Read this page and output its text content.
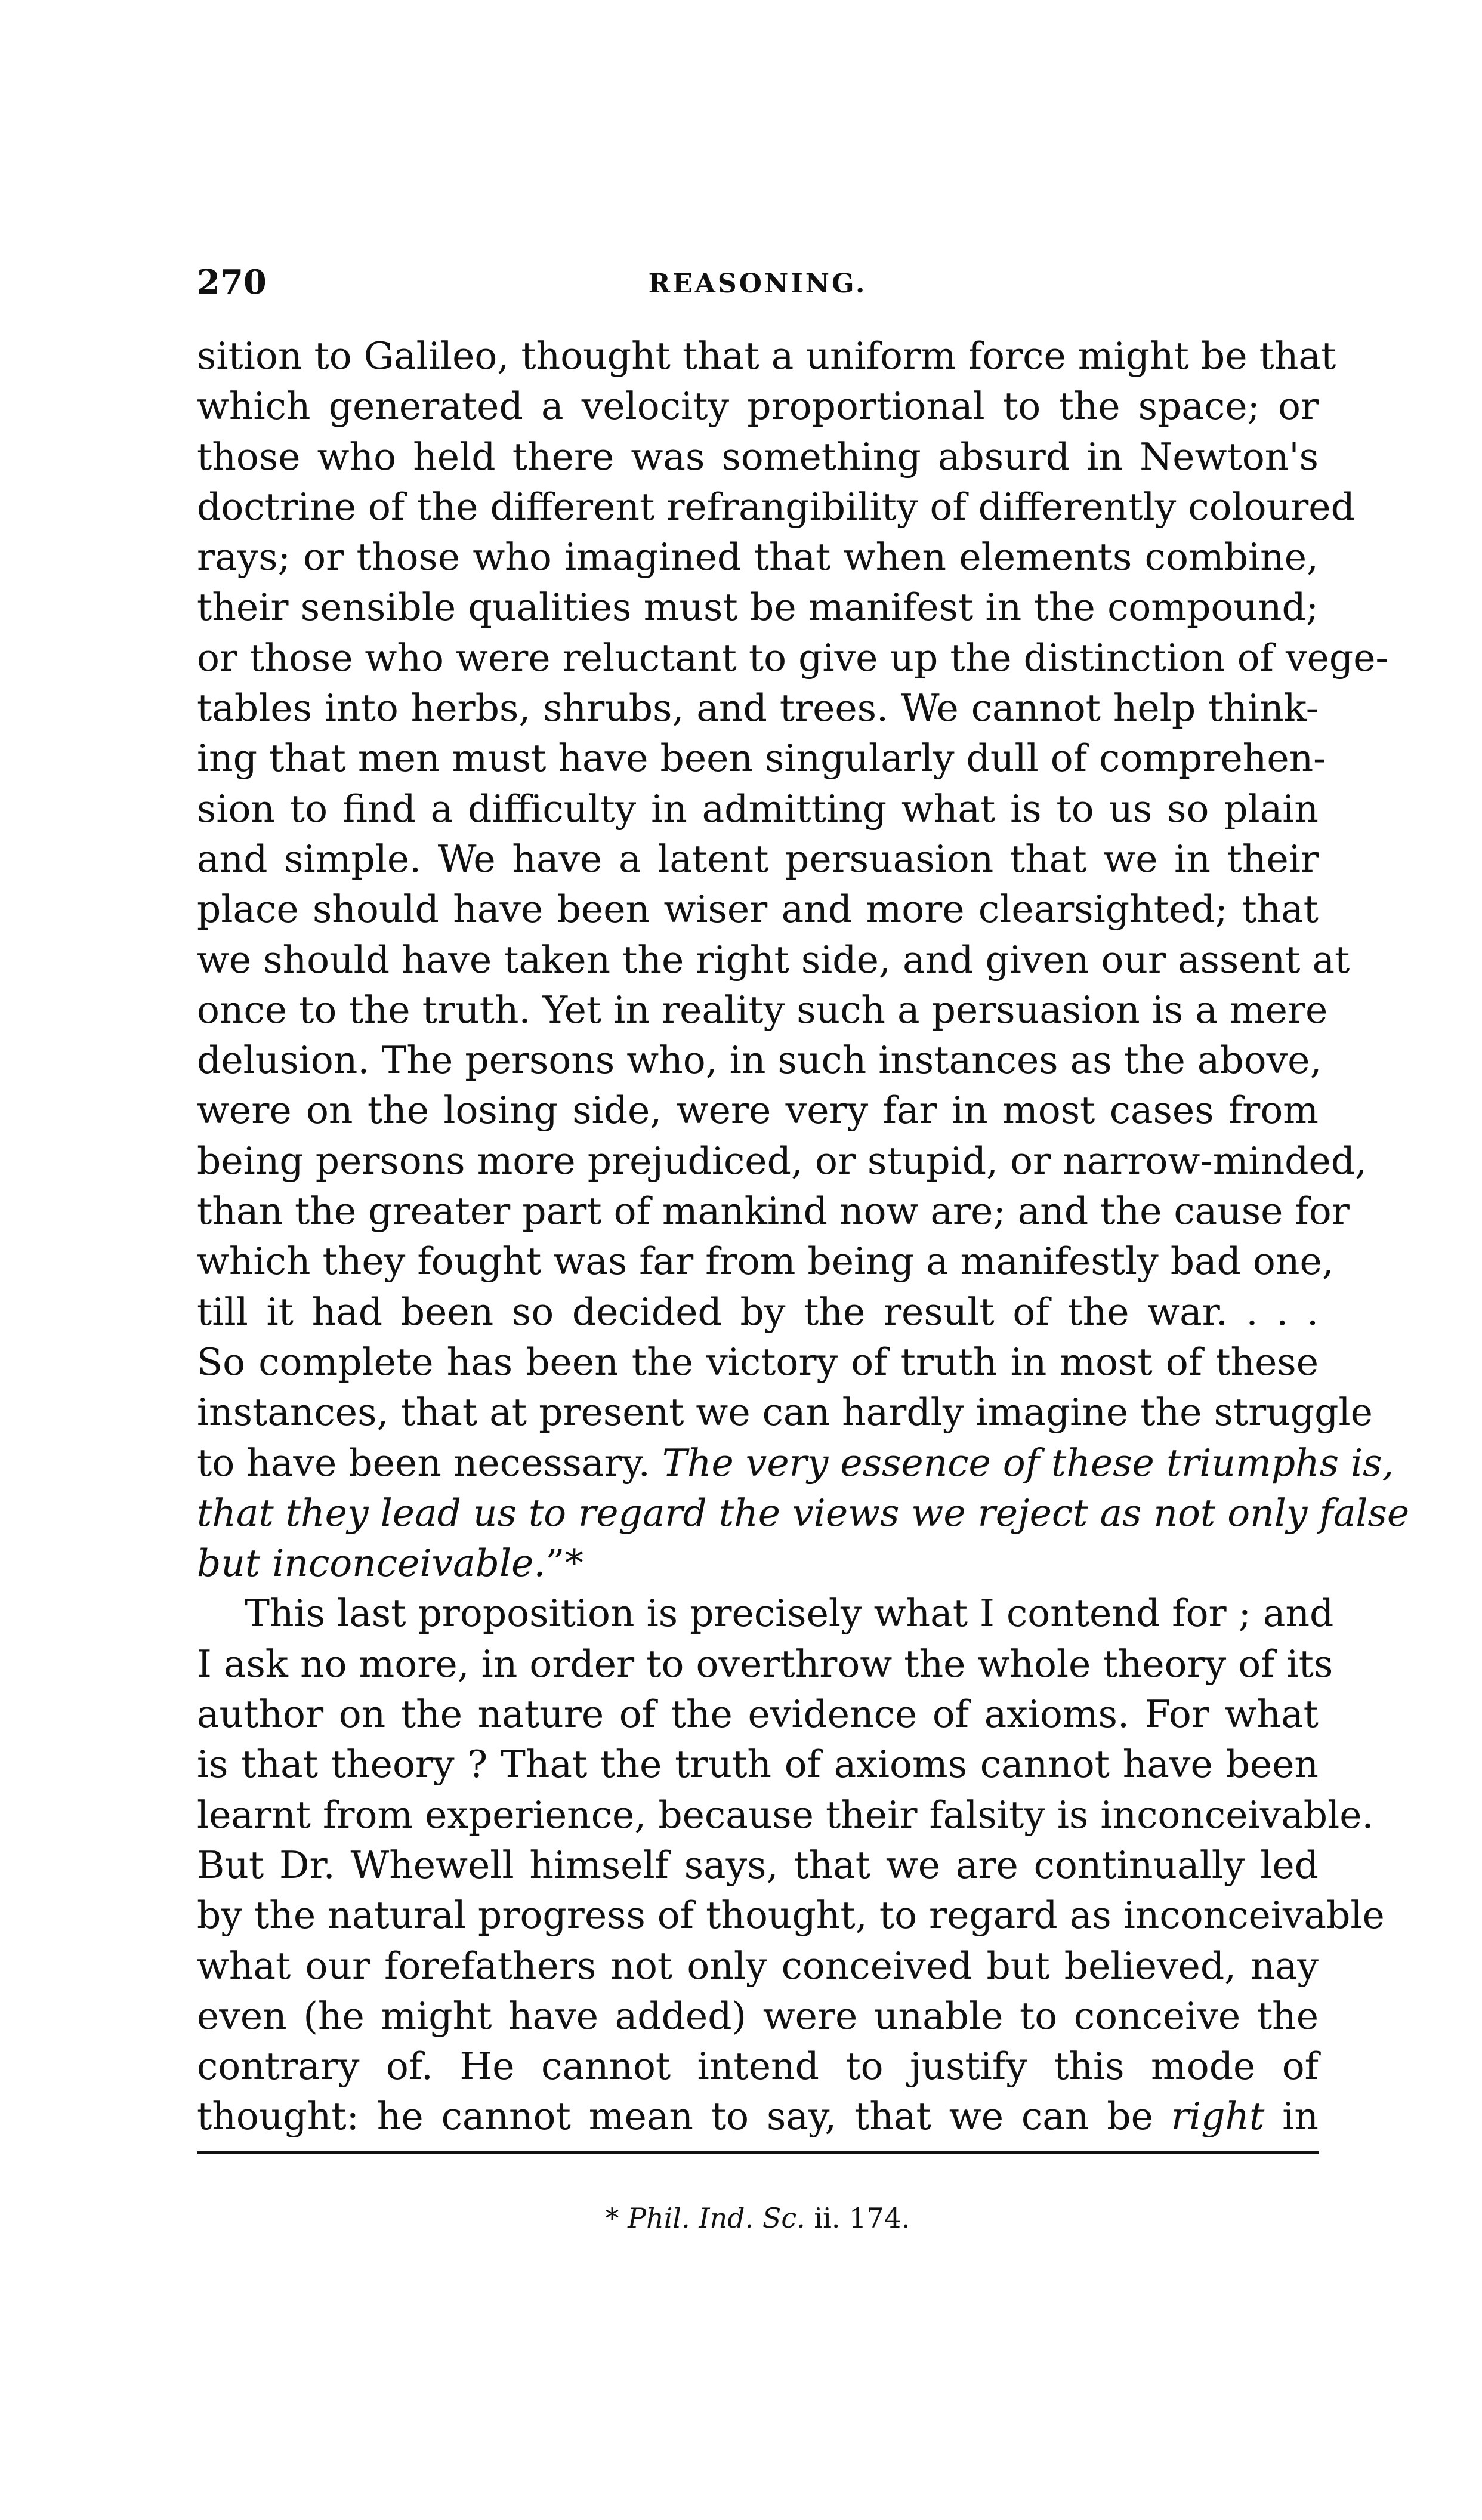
270	REASONING.
sition to Galileo, thought that a uniform force might be that
which generated a velocity proportional to the space; or
those who held there was something absurd in Newton's
doctrine of the different refrangibility of differently coloured
rays; or those who imagined that when elements combine,
their sensible qualities must be manifest in the compound;
or those who were reluctant to give up the distinction of vege-
tables into herbs, shrubs, and trees. We cannot help think-
ing that men must have been singularly dull of comprehen-
sion to find a difficulty in admitting what is to us so plain
and simple. We have a latent persuasion that we in their
place should have been wiser and more clearsighted; that
we should have taken the right side, and given our assent at
once to the truth. Yet in reality such a persuasion is a mere
delusion. The persons who, in such instances as the above,
were on the losing side, were very far in most cases from
being persons more prejudiced, or stupid, or narrow-minded,
than the greater part of mankind now are; and the cause for
which they fought was far from being a manifestly bad one,
till it had been so decided by the result of the war. . . .
So complete has been the victory of truth in most of these
instances, that at present we can hardly imagine the struggle
to have been necessary. The very essence of these triumphs is,
that they lead us to regard the views we reject as not only false
but inconceivable.”*
This last proposition is precisely what I contend for ; and
I ask no more, in order to overthrow the whole theory of its
author on the nature of the evidence of axioms. For what
is that theory ? That the truth of axioms cannot have been
learnt from experience, because their falsity is inconceivable.
But Dr. Whewell himself says, that we are continually led
by the natural progress of thought, to regard as inconceivable
what our forefathers not only conceived but believed, nay
even (he might have added) were unable to conceive the
contrary of. He cannot intend to justify this mode of
thought: he cannot mean to say, that we can be right in
* Phil. Ind. Sc. ii. 174.
